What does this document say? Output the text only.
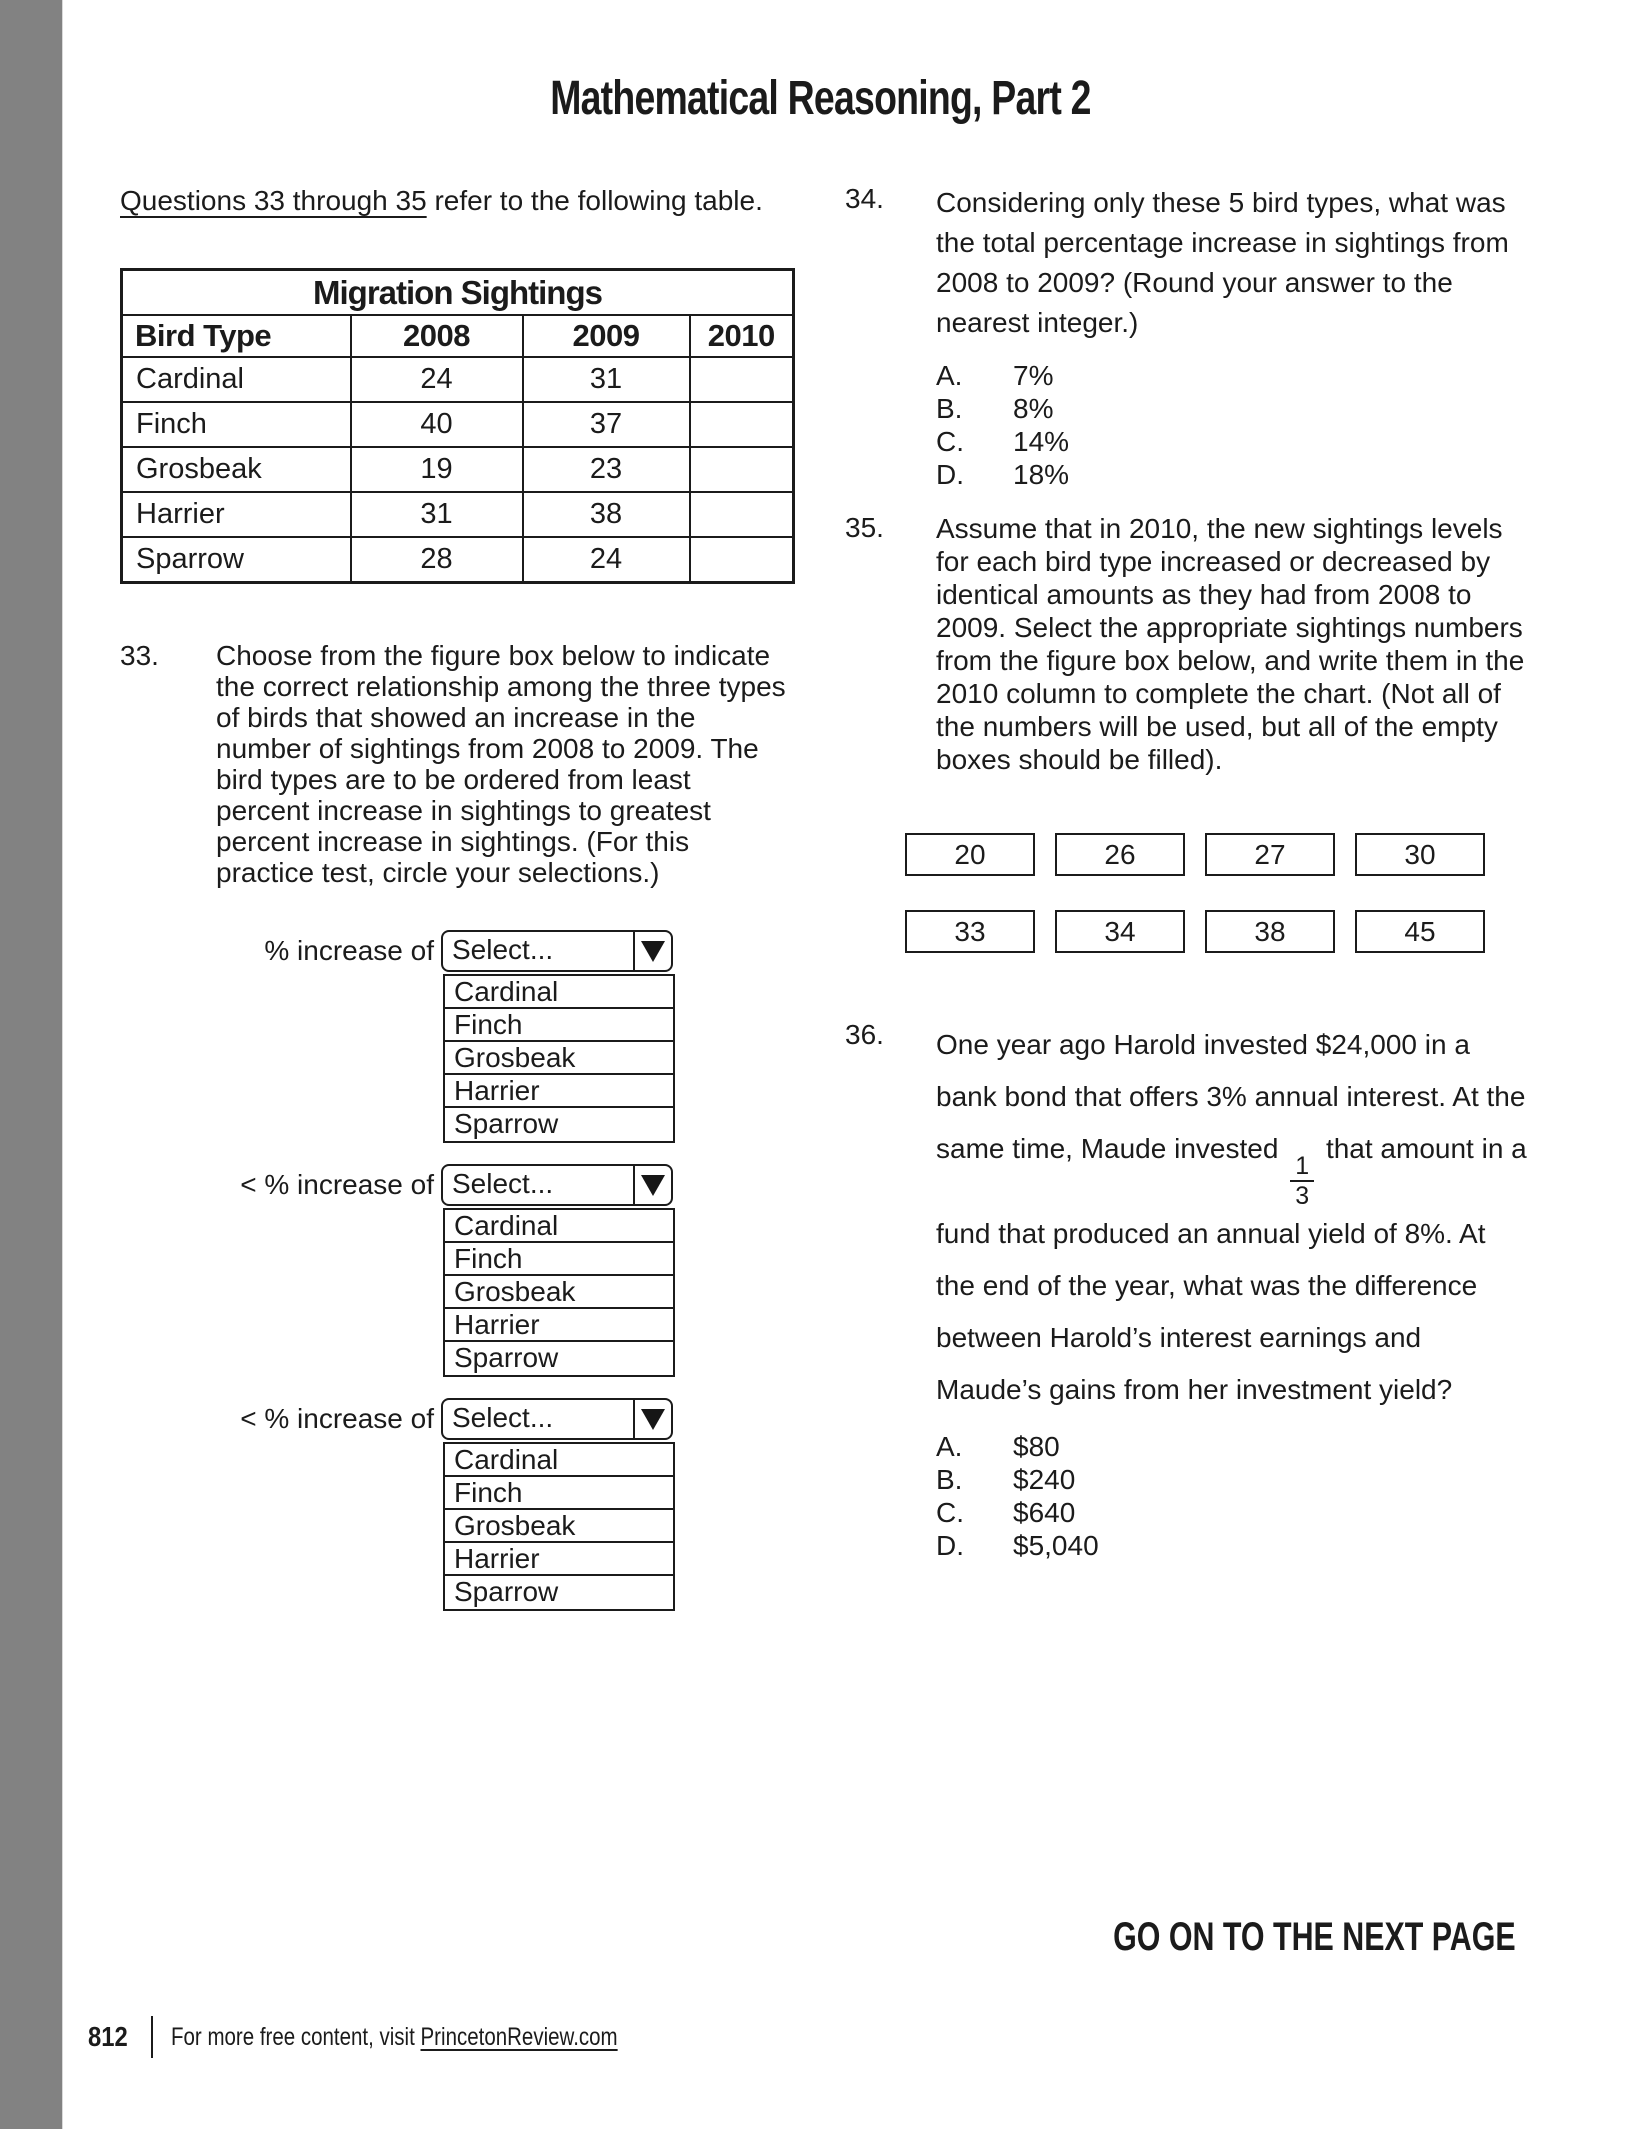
Mathematical Reasoning, Part 2
Questions 33 through 35 refer to the following table.
Migration Sightings			
Bird Type	2008	2009	2010
Cardinal	24	31	
Finch	40	37	
Grosbeak	19	23	
Harrier	31	38	
Sparrow	28	24	
33. Choose from the figure box below to indicate the correct relationship among the three types of birds that showed an increase in the number of sightings from 2008 to 2009. The bird types are to be ordered from least percent increase in sightings to greatest percent increase in sightings. (For this practice test, circle your selections.)
% increase of Select...
Cardinal
Finch
Grosbeak
Harrier
Sparrow
< % increase of Select...
Cardinal
Finch
Grosbeak
Harrier
Sparrow
< % increase of Select...
Cardinal
Finch
Grosbeak
Harrier
Sparrow
34. Considering only these 5 bird types, what was the total percentage increase in sightings from 2008 to 2009? (Round your answer to the nearest integer.)
A.	7%
B.	8%
C.	14%
D.	18%
35. Assume that in 2010, the new sightings levels for each bird type increased or decreased by identical amounts as they had from 2008 to 2009. Select the appropriate sightings numbers from the figure box below, and write them in the 2010 column to complete the chart. (Not all of the numbers will be used, but all of the empty boxes should be filled).
20	26	27	30
33	34	38	45
36. One year ago Harold invested $24,000 in a bank bond that offers 3% annual interest. At the same time, Maude invested
$\frac{1}{3}$
that amount in a fund that produced an annual yield of 8%. At the end of the year, what was the difference between Harold’s interest earnings and Maude’s gains from her investment yield?
A.	$80
B.	$240
C.	$640
D.	$5,040
GO ON TO THE NEXT PAGE
812 For more free content, visit PrincetonReview.com
